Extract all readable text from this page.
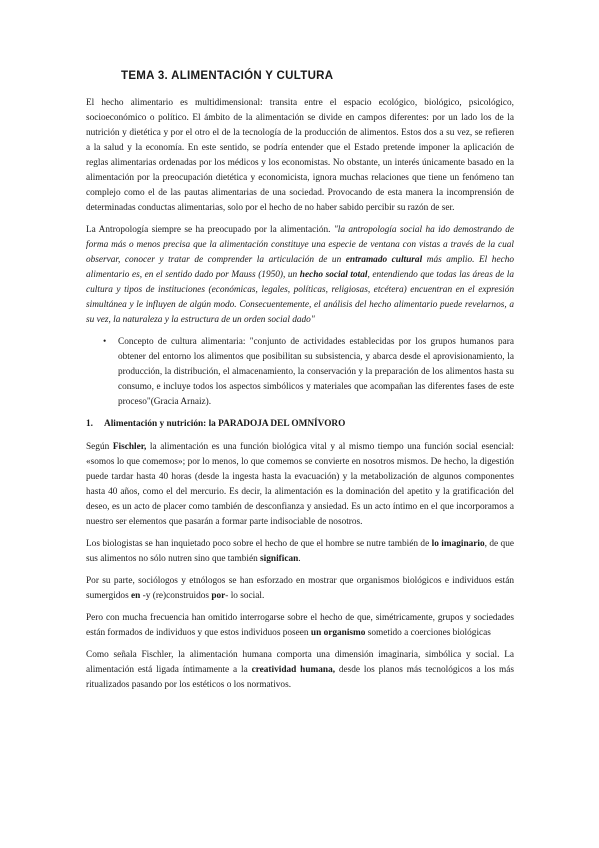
TEMA 3. ALIMENTACIÓN Y CULTURA

El hecho alimentario es multidimensional: transita entre el espacio ecológico, biológico, psicológico, socioeconómico o político. El ámbito de la alimentación se divide en campos diferentes: por un lado los de la nutrición y dietética y por el otro el de la tecnología de la producción de alimentos. Estos dos a su vez, se refieren a la salud y la economía. En este sentido, se podría entender que el Estado pretende imponer la aplicación de reglas alimentarias ordenadas por los médicos y los economistas. No obstante, un interés únicamente basado en la alimentación por la preocupación dietética y economicista, ignora muchas relaciones que tiene un fenómeno tan complejo como el de las pautas alimentarias de una sociedad. Provocando de esta manera la incomprensión de determinadas conductas alimentarias, solo por el hecho de no haber sabido percibir su razón de ser.

La Antropología siempre se ha preocupado por la alimentación. "la antropología social ha ido demostrando de forma más o menos precisa que la alimentación constituye una especie de ventana con vistas a través de la cual observar, conocer y tratar de comprender la articulación de un entramado cultural más amplio. El hecho alimentario es, en el sentido dado por Mauss (1950), un hecho social total, entendiendo que todas las áreas de la cultura y tipos de instituciones (económicas, legales, políticas, religiosas, etcétera) encuentran en el expresión simultánea y le influyen de algún modo. Consecuentemente, el análisis del hecho alimentario puede revelarnos, a su vez, la naturaleza y la estructura de un orden social dado"

• Concepto de cultura alimentaria: "conjunto de actividades establecidas por los grupos humanos para obtener del entorno los alimentos que posibilitan su subsistencia, y abarca desde el aprovisionamiento, la producción, la distribución, el almacenamiento, la conservación y la preparación de los alimentos hasta su consumo, e incluye todos los aspectos simbólicos y materiales que acompañan las diferentes fases de este proceso"(Gracia Arnaiz).
1. Alimentación y nutrición: la PARADOJA DEL OMNÍVORO

Según Fischler, la alimentación es una función biológica vital y al mismo tiempo una función social esencial: «somos lo que comemos»; por lo menos, lo que comemos se convierte en nosotros mismos. De hecho, la digestión puede tardar hasta 40 horas (desde la ingesta hasta la evacuación) y la metabolización de algunos componentes hasta 40 años, como el del mercurio. Es decir, la alimentación es la dominación del apetito y la gratificación del deseo, es un acto de placer como también de desconfianza y ansiedad. Es un acto íntimo en el que incorporamos a nuestro ser elementos que pasarán a formar parte indisociable de nosotros.

Los biologistas se han inquietado poco sobre el hecho de que el hombre se nutre también de lo imaginario, de que sus alimentos no sólo nutren sino que también significan.

Por su parte, sociólogos y etnólogos se han esforzado en mostrar que organismos biológicos e individuos están sumergidos en -y (re)construidos por- lo social.

Pero con mucha frecuencia han omitido interrogarse sobre el hecho de que, simétricamente, grupos y sociedades están formados de individuos y que estos individuos poseen un organismo sometido a coerciones biológicas

Como señala Fischler, la alimentación humana comporta una dimensión imaginaria, simbólica y social. La alimentación está ligada íntimamente a la creatividad humana, desde los planos más tecnológicos a los más ritualizados pasando por los estéticos o los normativos.
